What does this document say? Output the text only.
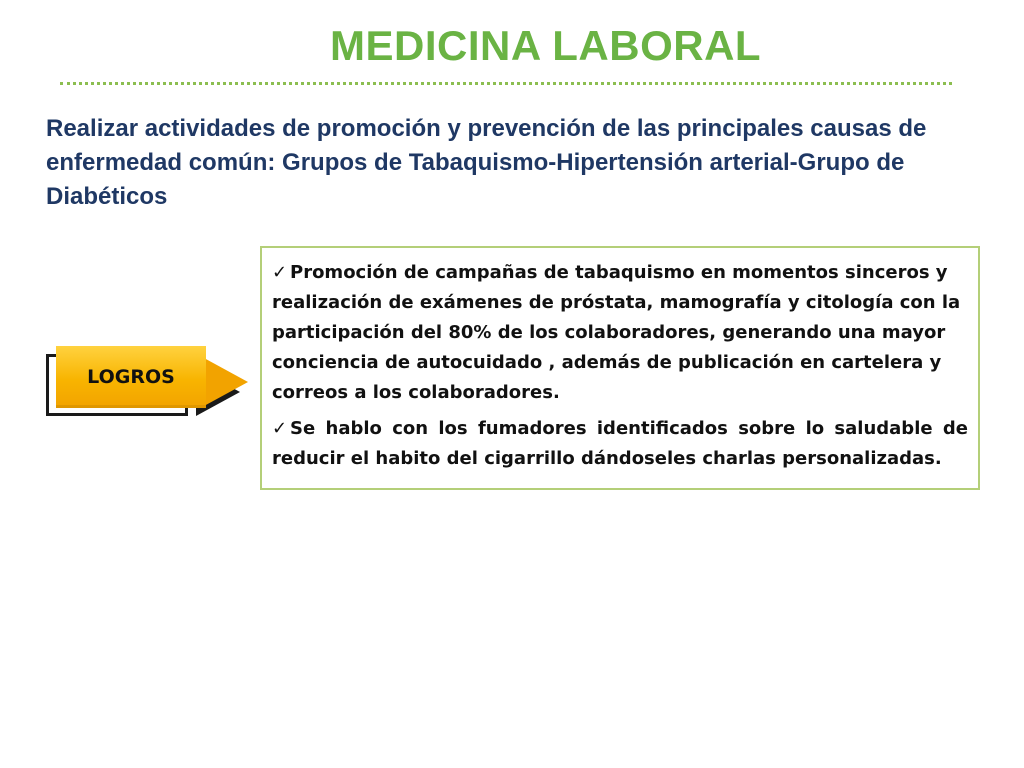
MEDICINA LABORAL
Realizar actividades de promoción y prevención de las principales causas de enfermedad común: Grupos de Tabaquismo-Hipertensión arterial-Grupo de Diabéticos
LOGROS

✓ Promoción de campañas de tabaquismo en momentos sinceros y realización de exámenes de próstata, mamografía y citología con la participación del 80% de los colaboradores, generando una mayor conciencia de autocuidado , además de publicación en cartelera y correos a los colaboradores.

✓ Se hablo con los fumadores identificados sobre lo saludable de reducir el habito del cigarrillo dándoseles charlas personalizadas.
